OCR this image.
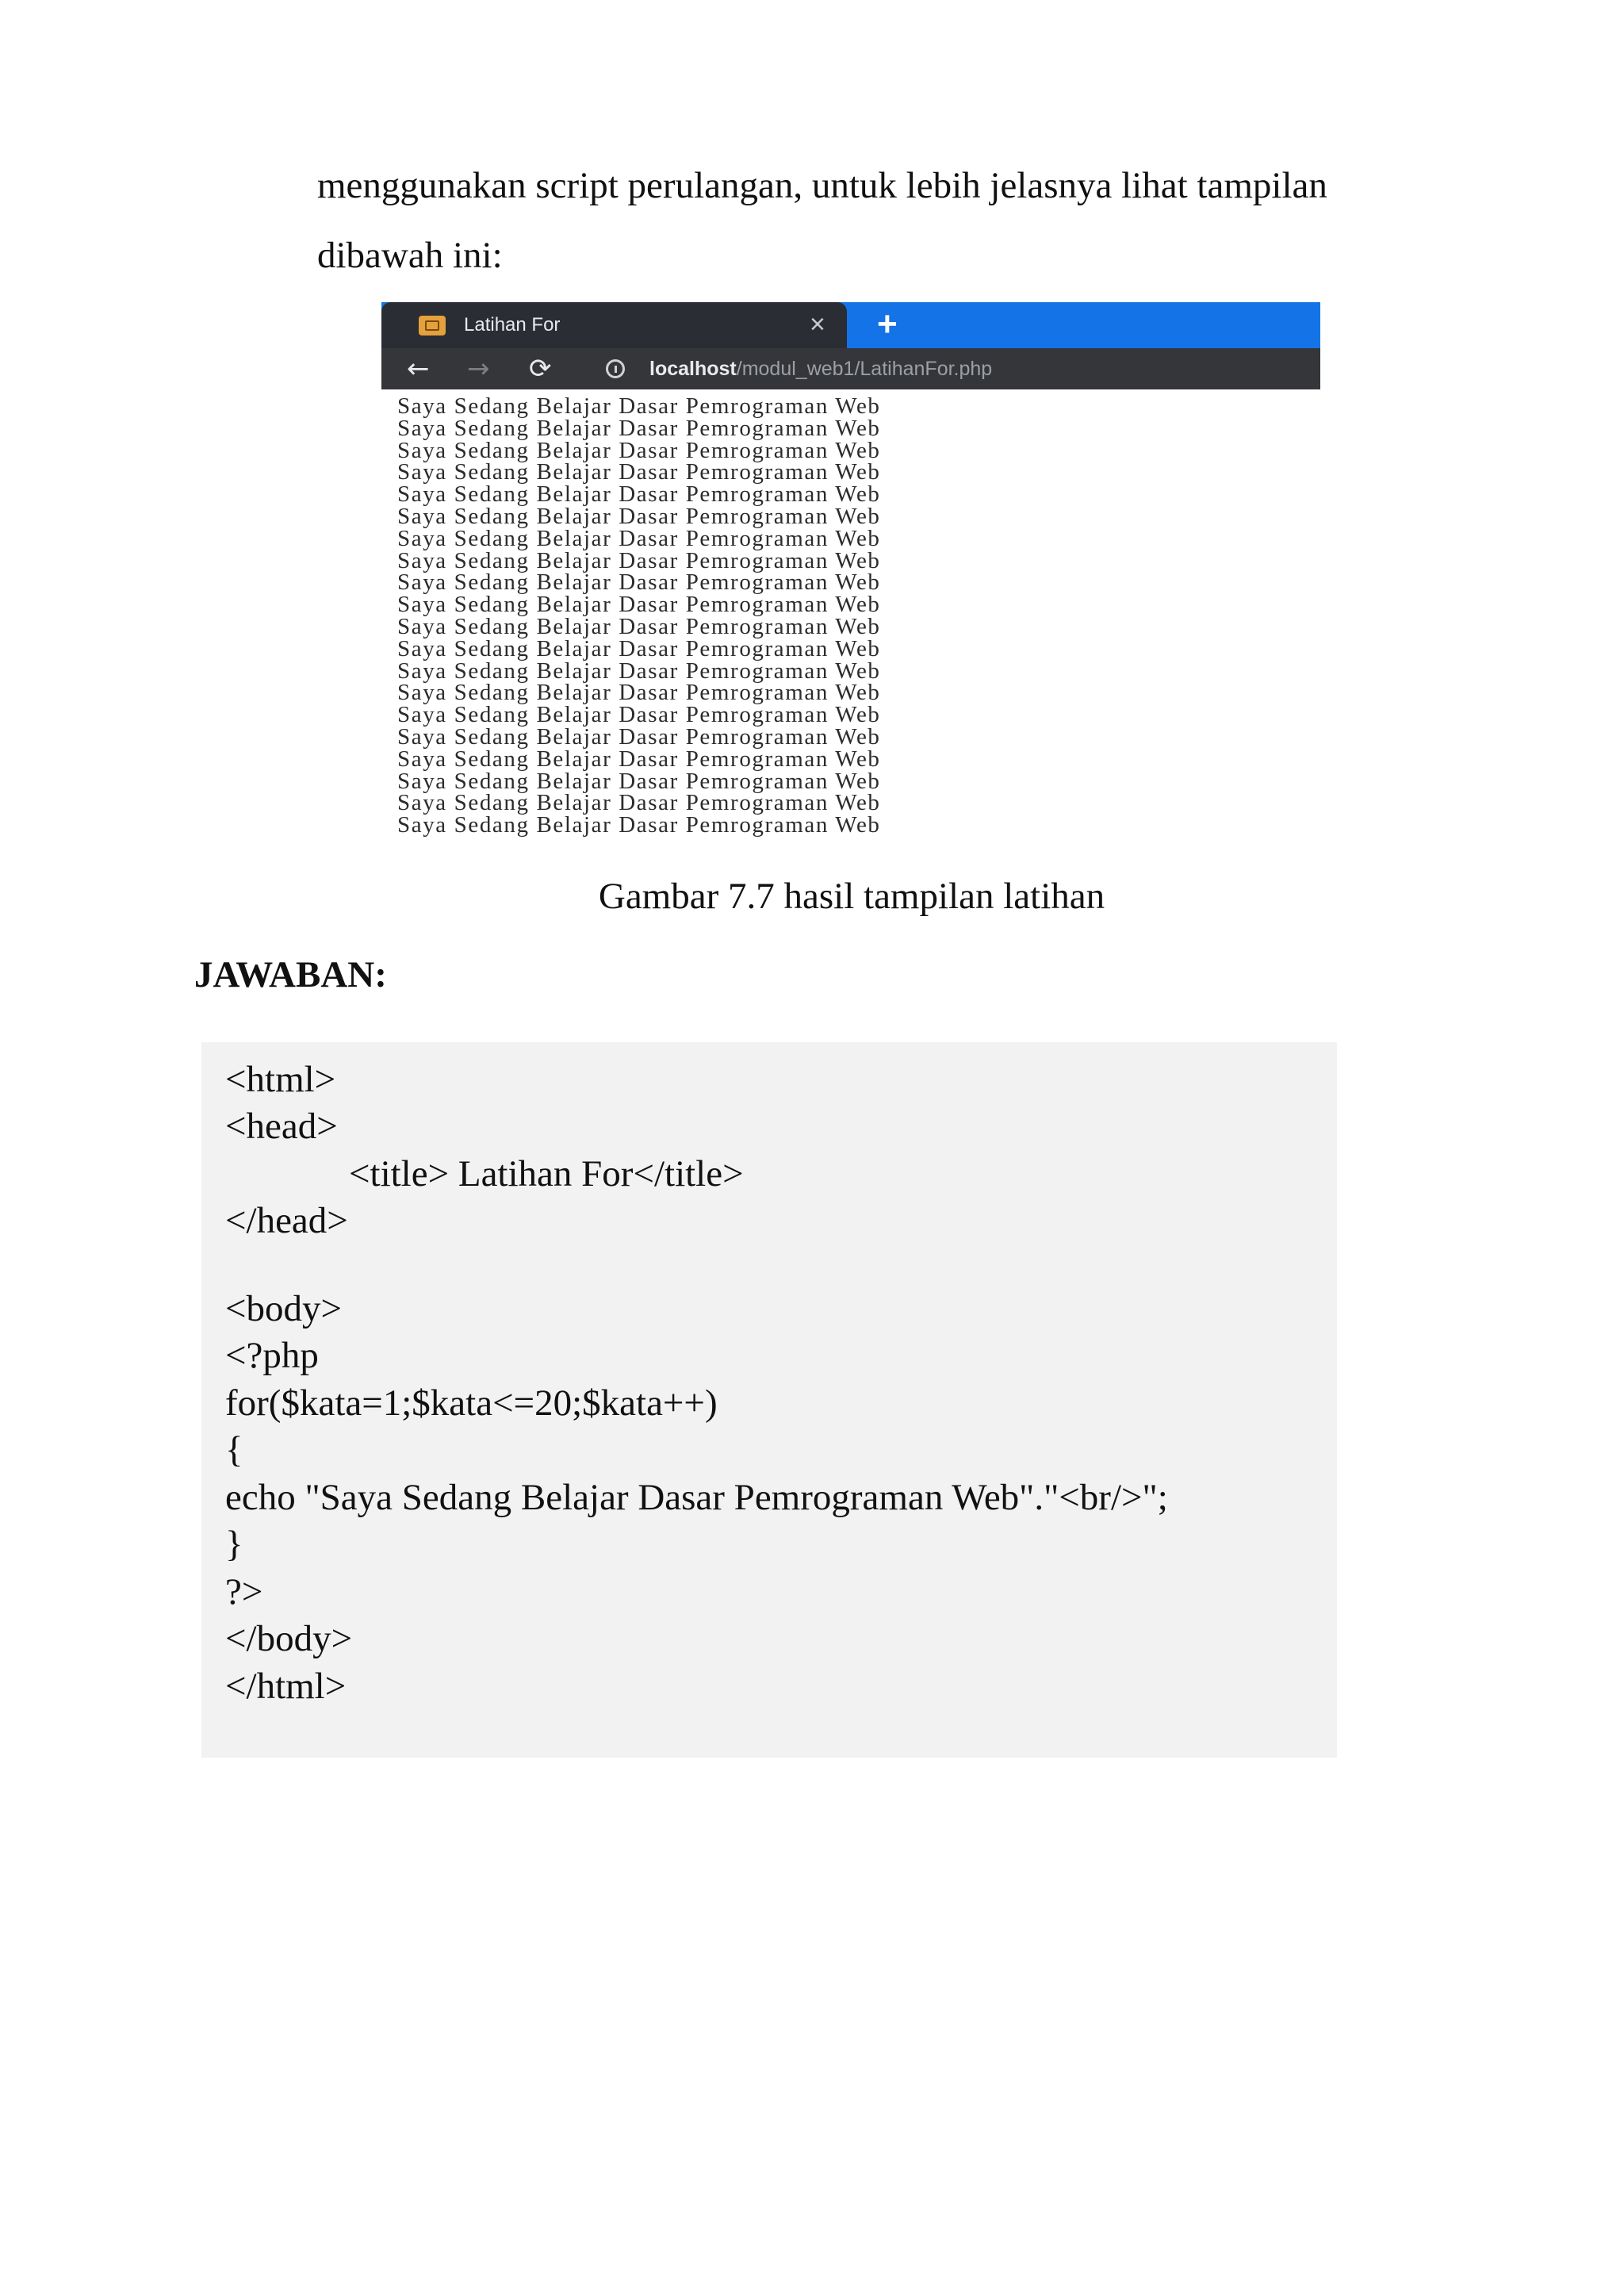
menggunakan script perulangan, untuk lebih jelasnya lihat tampilan

dibawah ini:

Latihan For	× +
← → ⟳	localhost/modul_web1/LatihanFor.php
Saya Sedang Belajar Dasar Pemrograman Web
Saya Sedang Belajar Dasar Pemrograman Web
Saya Sedang Belajar Dasar Pemrograman Web
Saya Sedang Belajar Dasar Pemrograman Web
Saya Sedang Belajar Dasar Pemrograman Web
Saya Sedang Belajar Dasar Pemrograman Web
Saya Sedang Belajar Dasar Pemrograman Web
Saya Sedang Belajar Dasar Pemrograman Web
Saya Sedang Belajar Dasar Pemrograman Web
Saya Sedang Belajar Dasar Pemrograman Web
Saya Sedang Belajar Dasar Pemrograman Web
Saya Sedang Belajar Dasar Pemrograman Web
Saya Sedang Belajar Dasar Pemrograman Web
Saya Sedang Belajar Dasar Pemrograman Web
Saya Sedang Belajar Dasar Pemrograman Web
Saya Sedang Belajar Dasar Pemrograman Web
Saya Sedang Belajar Dasar Pemrograman Web
Saya Sedang Belajar Dasar Pemrograman Web
Saya Sedang Belajar Dasar Pemrograman Web
Saya Sedang Belajar Dasar Pemrograman Web
Gambar 7.7 hasil tampilan latihan
JAWABAN:
<html>
<head>
<title> Latihan For</title>
</head>
<body>
<?php
for($kata=1;$kata<=20;$kata++)
{
echo "Saya Sedang Belajar Dasar Pemrograman Web"."<br/>";
}
?>
</body>
</html>
